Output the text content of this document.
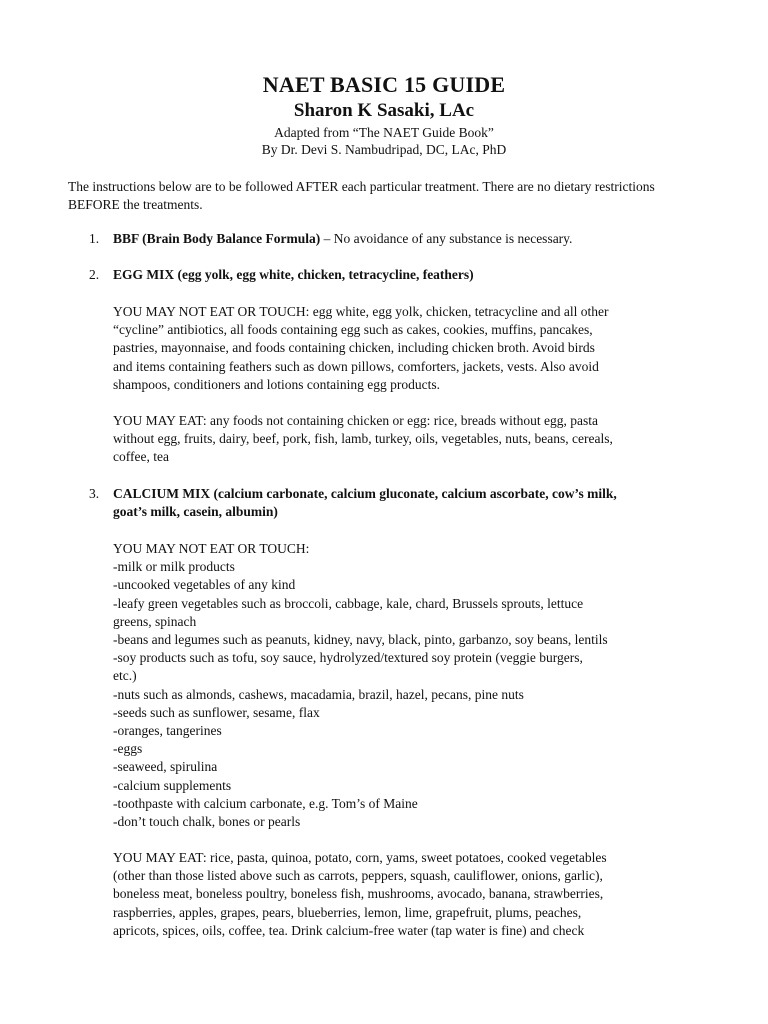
NAET BASIC 15 GUIDE
Sharon K Sasaki, LAc
Adapted from “The NAET Guide Book”
By Dr. Devi S. Nambudripad, DC, LAc, PhD
The instructions below are to be followed AFTER each particular treatment. There are no dietary restrictions BEFORE the treatments.
1.	BBF (Brain Body Balance Formula) – No avoidance of any substance is necessary.
2.	EGG MIX (egg yolk, egg white, chicken, tetracycline, feathers)
YOU MAY NOT EAT OR TOUCH: egg white, egg yolk, chicken, tetracycline and all other
“cycline” antibiotics, all foods containing egg such as cakes, cookies, muffins, pancakes,
pastries, mayonnaise, and foods containing chicken, including chicken broth. Avoid birds
and items containing feathers such as down pillows, comforters, jackets, vests. Also avoid
shampoos, conditioners and lotions containing egg products.
YOU MAY EAT: any foods not containing chicken or egg: rice, breads without egg, pasta
without egg, fruits, dairy, beef, pork, fish, lamb, turkey, oils, vegetables, nuts, beans, cereals,
coffee, tea
3.	CALCIUM MIX (calcium carbonate, calcium gluconate, calcium ascorbate, cow’s milk,
goat’s milk, casein, albumin)
YOU MAY NOT EAT OR TOUCH:
-milk or milk products
-uncooked vegetables of any kind
-leafy green vegetables such as broccoli, cabbage, kale, chard, Brussels sprouts, lettuce
greens, spinach
-beans and legumes such as peanuts, kidney, navy, black, pinto, garbanzo, soy beans, lentils
-soy products such as tofu, soy sauce, hydrolyzed/textured soy protein (veggie burgers,
etc.)
-nuts such as almonds, cashews, macadamia, brazil, hazel, pecans, pine nuts
-seeds such as sunflower, sesame, flax
-oranges, tangerines
-eggs
-seaweed, spirulina
-calcium supplements
-toothpaste with calcium carbonate, e.g. Tom’s of Maine
-don’t touch chalk, bones or pearls
YOU MAY EAT: rice, pasta, quinoa, potato, corn, yams, sweet potatoes, cooked vegetables
(other than those listed above such as carrots, peppers, squash, cauliflower, onions, garlic),
boneless meat, boneless poultry, boneless fish, mushrooms, avocado, banana, strawberries,
raspberries, apples, grapes, pears, blueberries, lemon, lime, grapefruit, plums, peaches,
apricots, spices, oils, coffee, tea. Drink calcium-free water (tap water is fine) and check
